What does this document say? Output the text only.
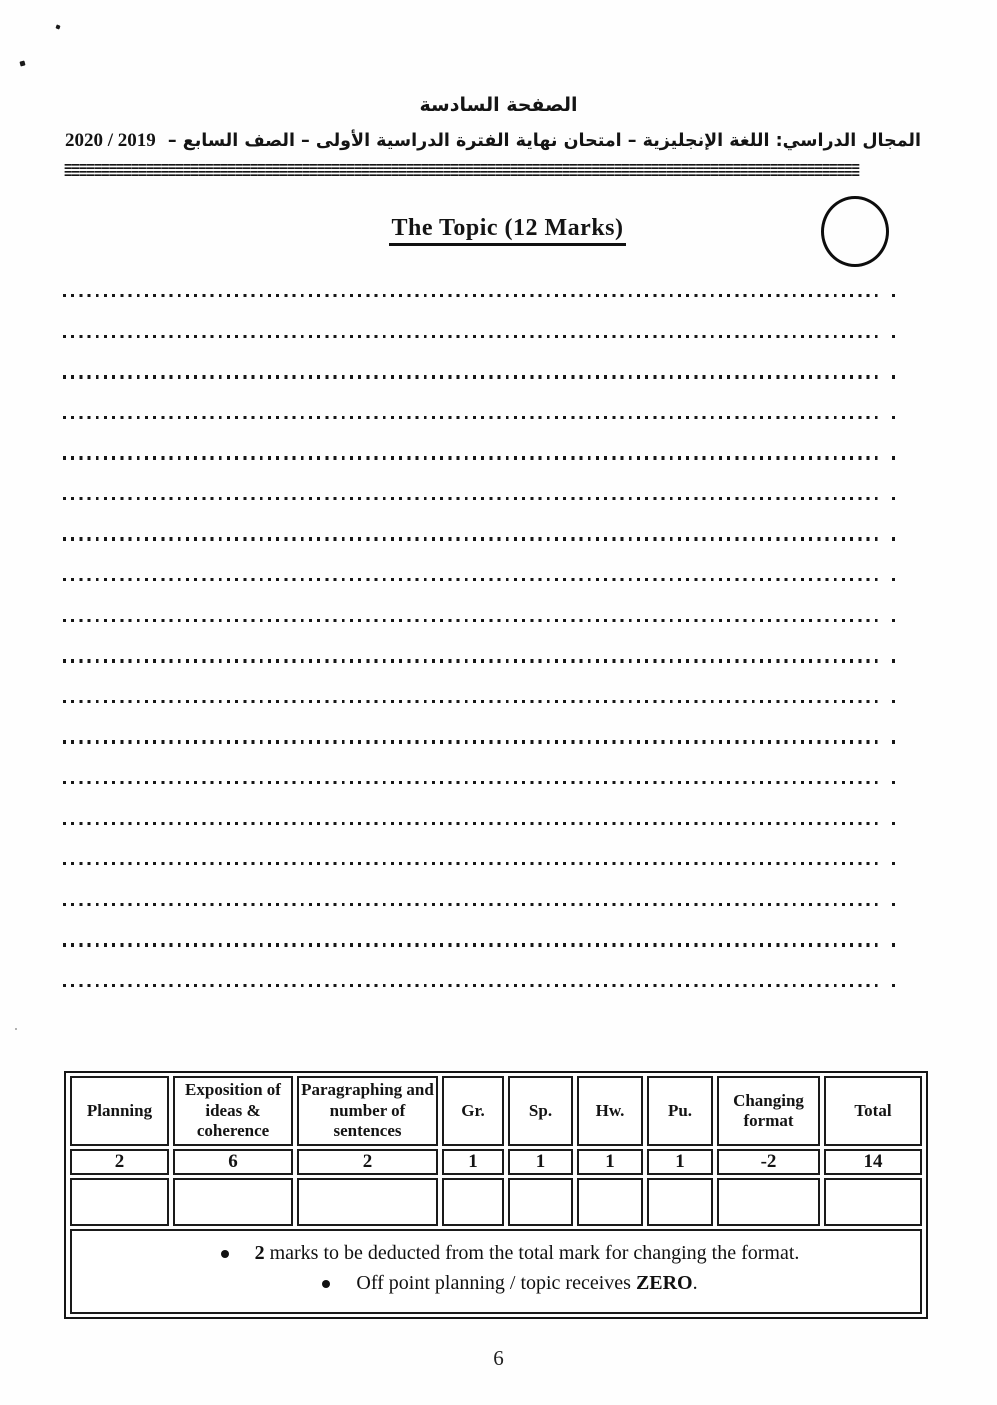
الصفحة السادسة
المجال الدراسي: اللغة الإنجليزية – امتحان نهاية الفترة الدراسية الأولى – الصف السابع – 2020 / 2019
The Topic (12 Marks)
Planning	Exposition of ideas & coherence	Paragraphing and number of sentences	Gr.	Sp.	Hw.	Pu.	Changing format	Total
2	6	2	1	1	1	1	-2	14

2 marks to be deducted from the total mark for changing the format.
Off point planning / topic receives ZERO.								
6
